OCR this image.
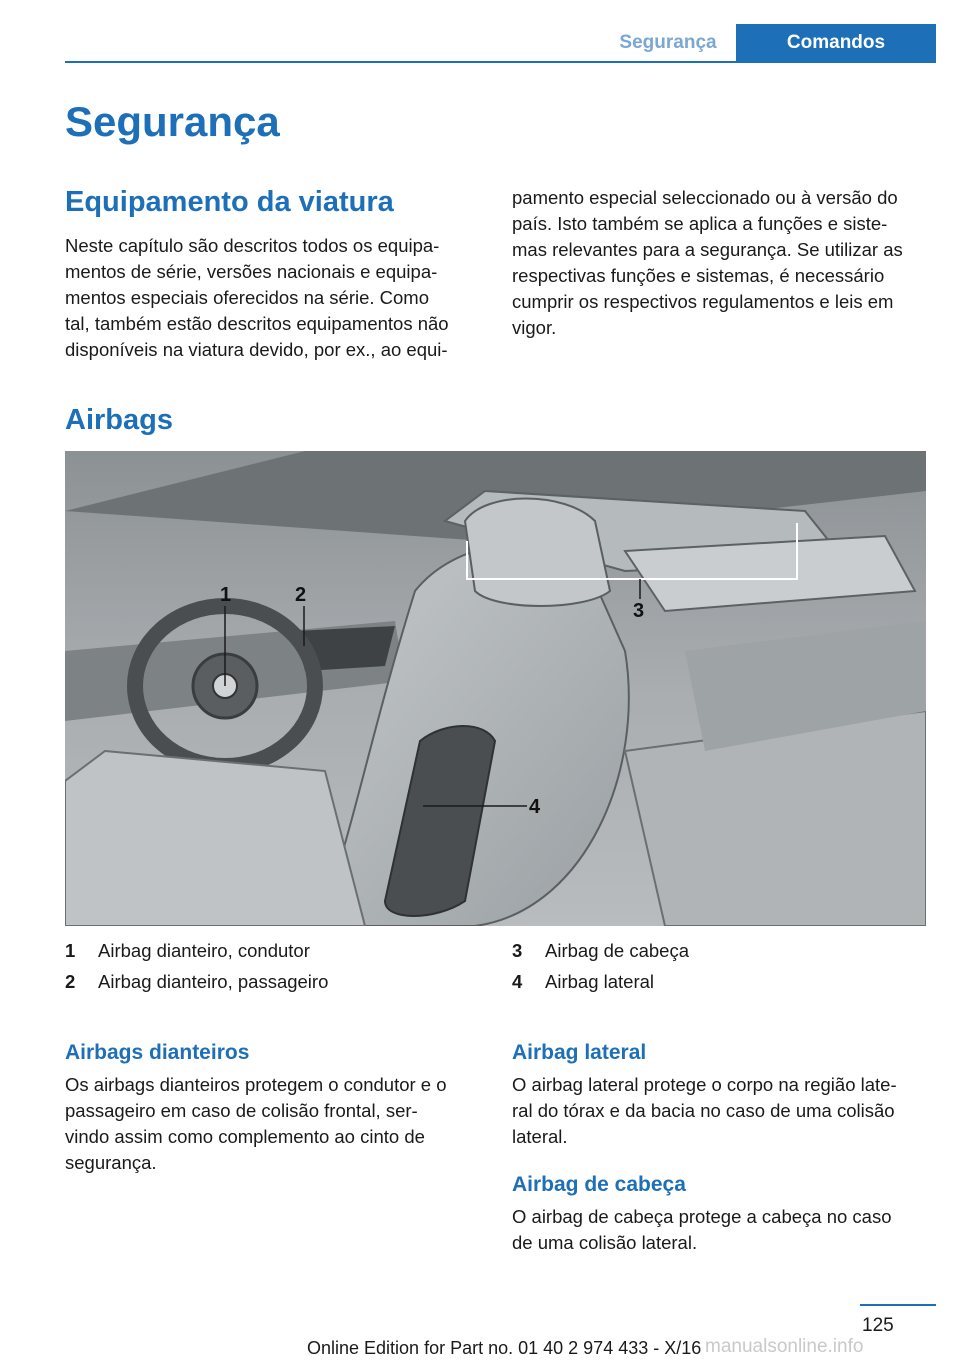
Segurança	Comandos
Segurança
Equipamento da viatura
Neste capítulo são descritos todos os equipa-
mentos de série, versões nacionais e equipa-
mentos especiais oferecidos na série. Como
tal, também estão descritos equipamentos não
disponíveis na viatura devido, por ex., ao equi-
pamento especial seleccionado ou à versão do
país. Isto também se aplica a funções e siste-
mas relevantes para a segurança. Se utilizar as
respectivas funções e sistemas, é necessário
cumprir os respectivos regulamentos e leis em
vigor.
Airbags
1	2
3
4
1	Airbag dianteiro, condutor
2	Airbag dianteiro, passageiro
3	Airbag de cabeça
4	Airbag lateral
Airbags dianteiros
Os airbags dianteiros protegem o condutor e o
passageiro em caso de colisão frontal, ser-
vindo assim como complemento ao cinto de
segurança.
Airbag lateral
O airbag lateral protege o corpo na região late-
ral do tórax e da bacia no caso de uma colisão
lateral.
Airbag de cabeça
O airbag de cabeça protege a cabeça no caso
de uma colisão lateral.
125
Online Edition for Part no. 01 40 2 974 433 - X/16 manualsonline.info
